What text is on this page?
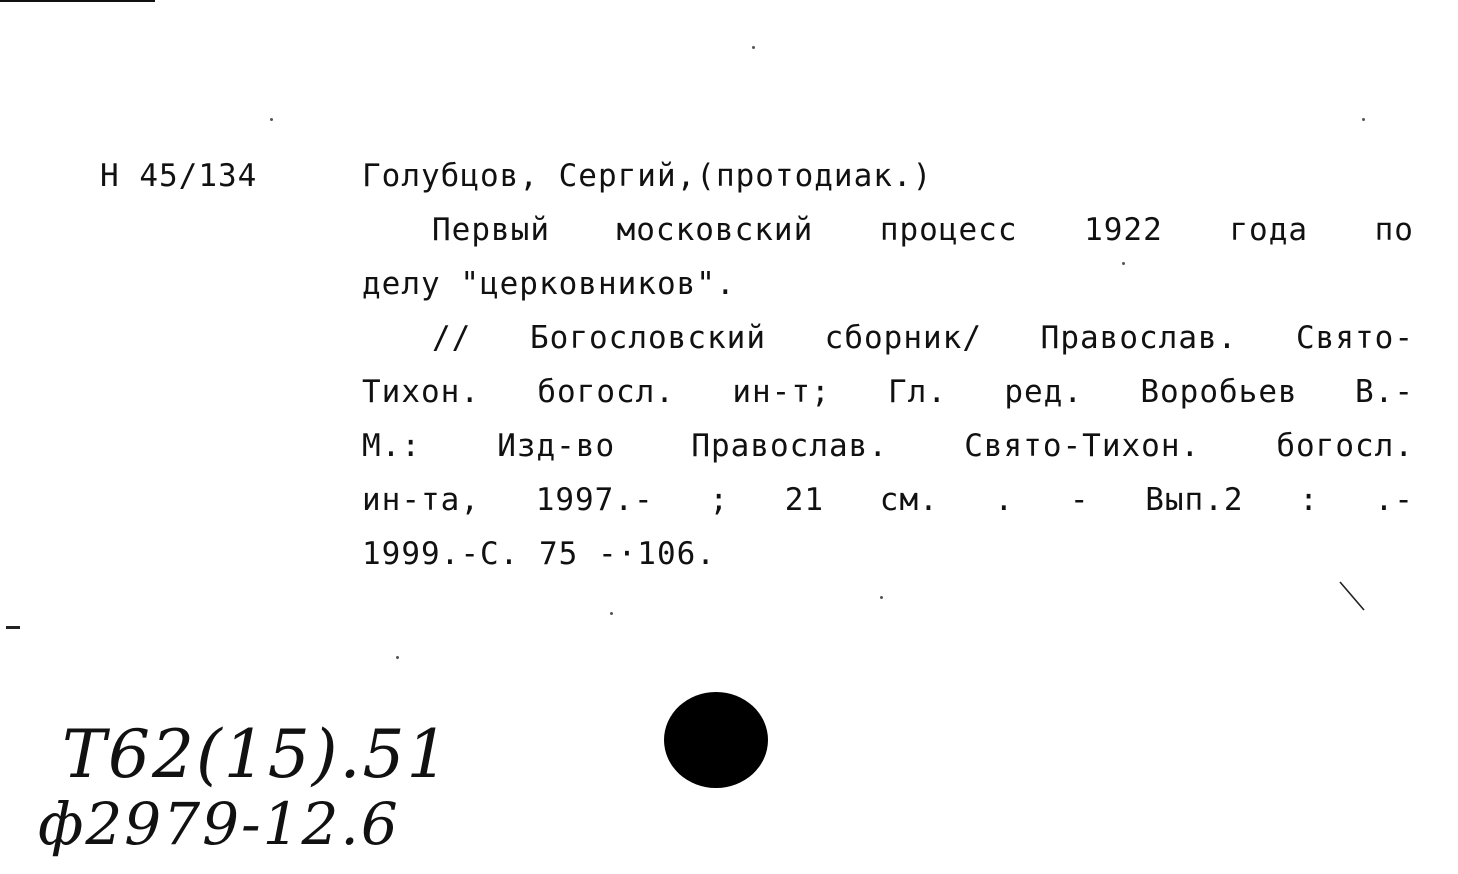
Н 45/134	Голубцов, Сергий,(протодиак.)
Первый московский процесс 1922 года по
делу "церковников".
// Богословский сборник/ Православ. Свято-
Тихон. богосл. ин-т; Гл. ред. Воробьев В.-
М.: Изд-во Православ. Свято-Тихон. богосл.
ин-та, 1997.- ; 21 см. . - Вып.2 : .-
1999.-С. 75 -·106.
Т62(15).51
ф2979-12.6
